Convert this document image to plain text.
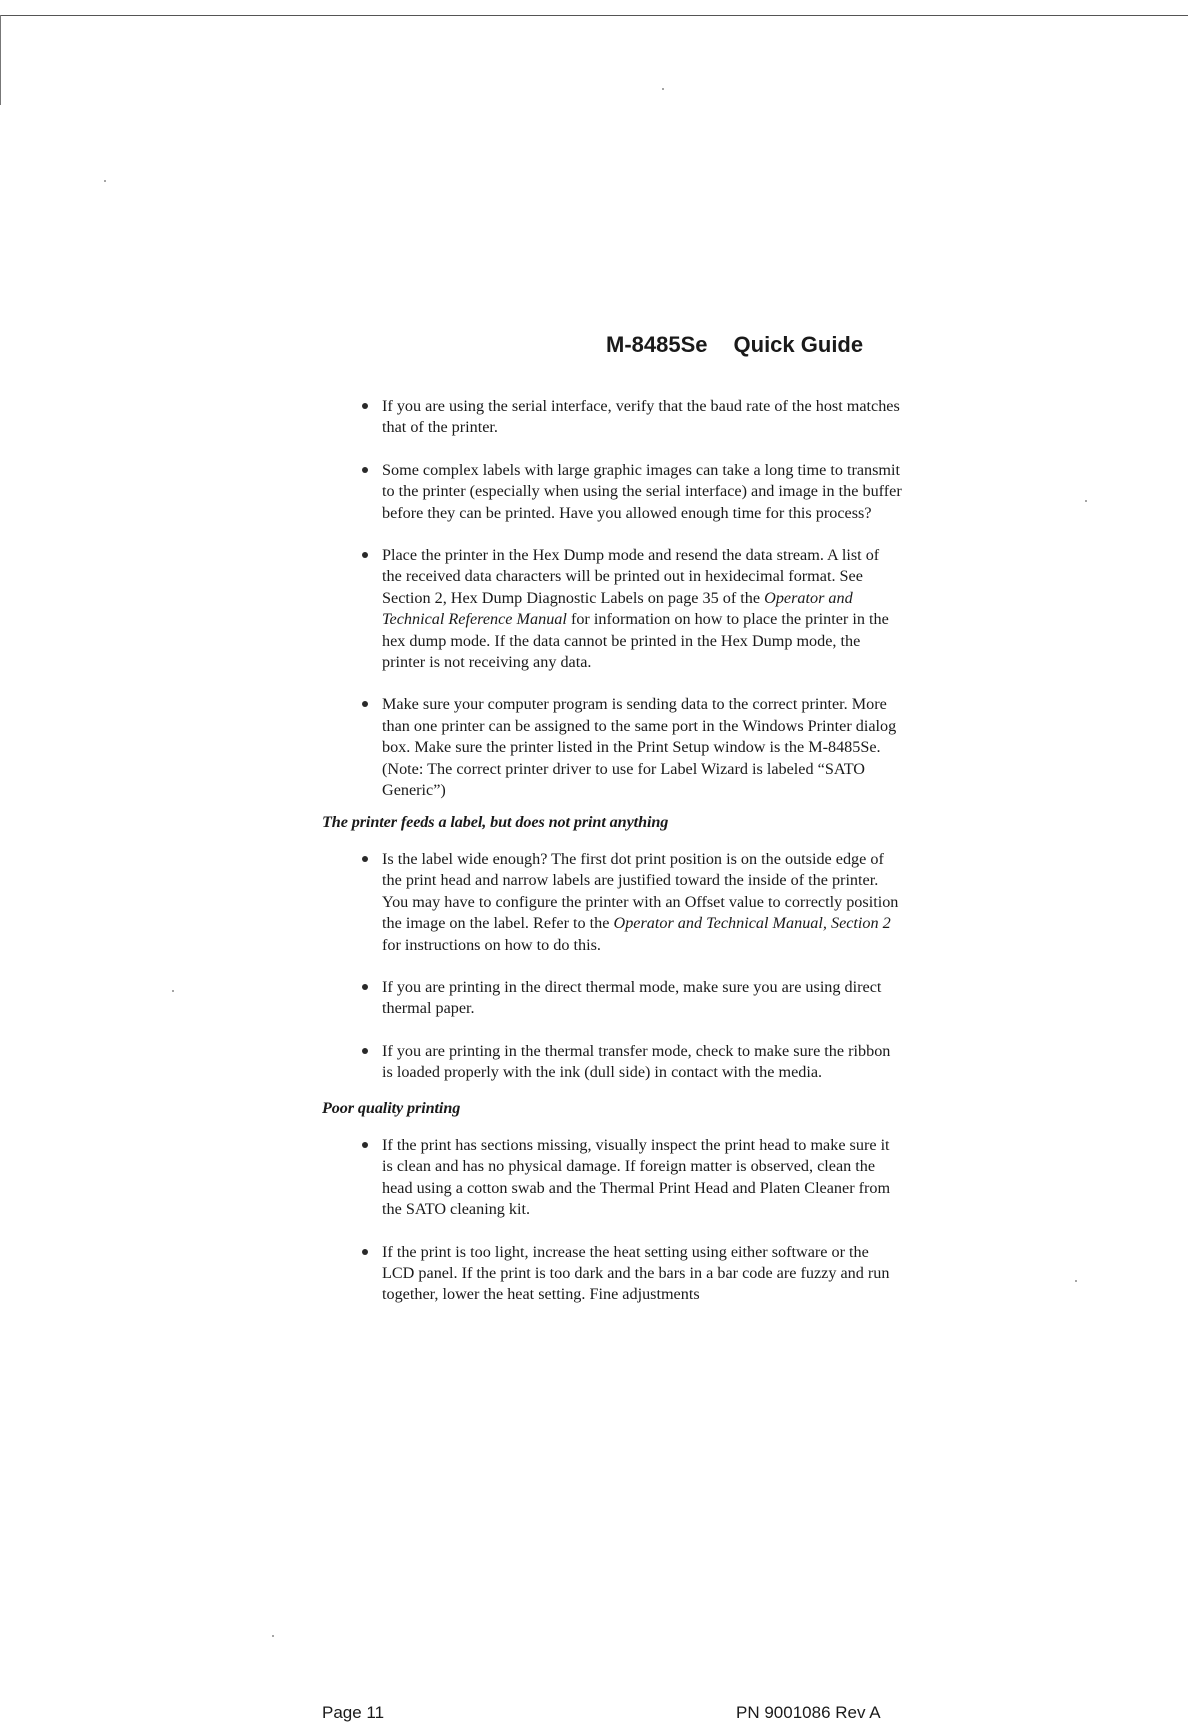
M-8485Se Quick Guide
If you are using the serial interface, verify that the baud rate of the host matches that of the printer.
Some complex labels with large graphic images can take a long time to transmit to the printer (especially when using the serial interface) and image in the buffer before they can be printed. Have you allowed enough time for this process?
Place the printer in the Hex Dump mode and resend the data stream. A list of the received data characters will be printed out in hexidecimal format. See Section 2, Hex Dump Diagnostic Labels on page 35 of the Operator and Technical Reference Manual for information on how to place the printer in the hex dump mode. If the data cannot be printed in the Hex Dump mode, the printer is not receiving any data.
Make sure your computer program is sending data to the correct printer. More than one printer can be assigned to the same port in the Windows Printer dialog box. Make sure the printer listed in the Print Setup window is the M-8485Se. (Note: The correct printer driver to use for Label Wizard is labeled “SATO Generic”)
The printer feeds a label, but does not print anything
Is the label wide enough? The first dot print position is on the outside edge of the print head and narrow labels are justified toward the inside of the printer. You may have to configure the printer with an Offset value to correctly position the image on the label. Refer to the Operator and Technical Manual, Section 2 for instructions on how to do this.
If you are printing in the direct thermal mode, make sure you are using direct thermal paper.
If you are printing in the thermal transfer mode, check to make sure the ribbon is loaded properly with the ink (dull side) in contact with the media.
Poor quality printing
If the print has sections missing, visually inspect the print head to make sure it is clean and has no physical damage. If foreign matter is observed, clean the head using a cotton swab and the Thermal Print Head and Platen Cleaner from the SATO cleaning kit.
If the print is too light, increase the heat setting using either software or the LCD panel. If the print is too dark and the bars in a bar code are fuzzy and run together, lower the heat setting. Fine adjustments
Page 11	PN 9001086 Rev A
